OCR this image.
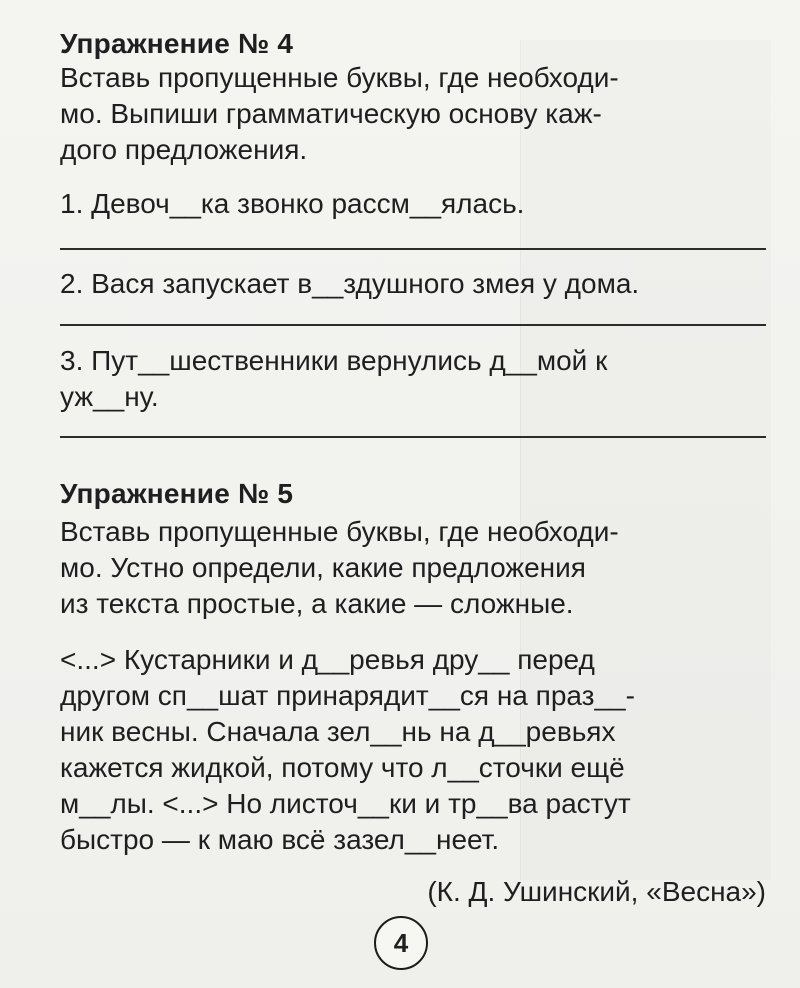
Упражнение № 4
Вставь пропущенные буквы, где необходи-
мо. Выпиши грамматическую основу каж-
дого предложения.
1. Девоч__ка звонко рассм__ялась.
2. Вася запускает в__здушного змея у дома.
3. Пут__шественники вернулись д__мой к
уж__ну.
Упражнение № 5
Вставь пропущенные буквы, где необходи-
мо. Устно определи, какие предложения
из текста простые, а какие — сложные.
<...> Кустарники и д__ревья дру__ перед
другом сп__шат принарядит__ся на праз__-
ник весны. Сначала зел__нь на д__ревьях
кажется жидкой, потому что л__сточки ещё
м__лы. <...> Но листоч__ки и тр__ва растут
быстро — к маю всё зазел__неет.
(К. Д. Ушинский, «Весна»)
4
